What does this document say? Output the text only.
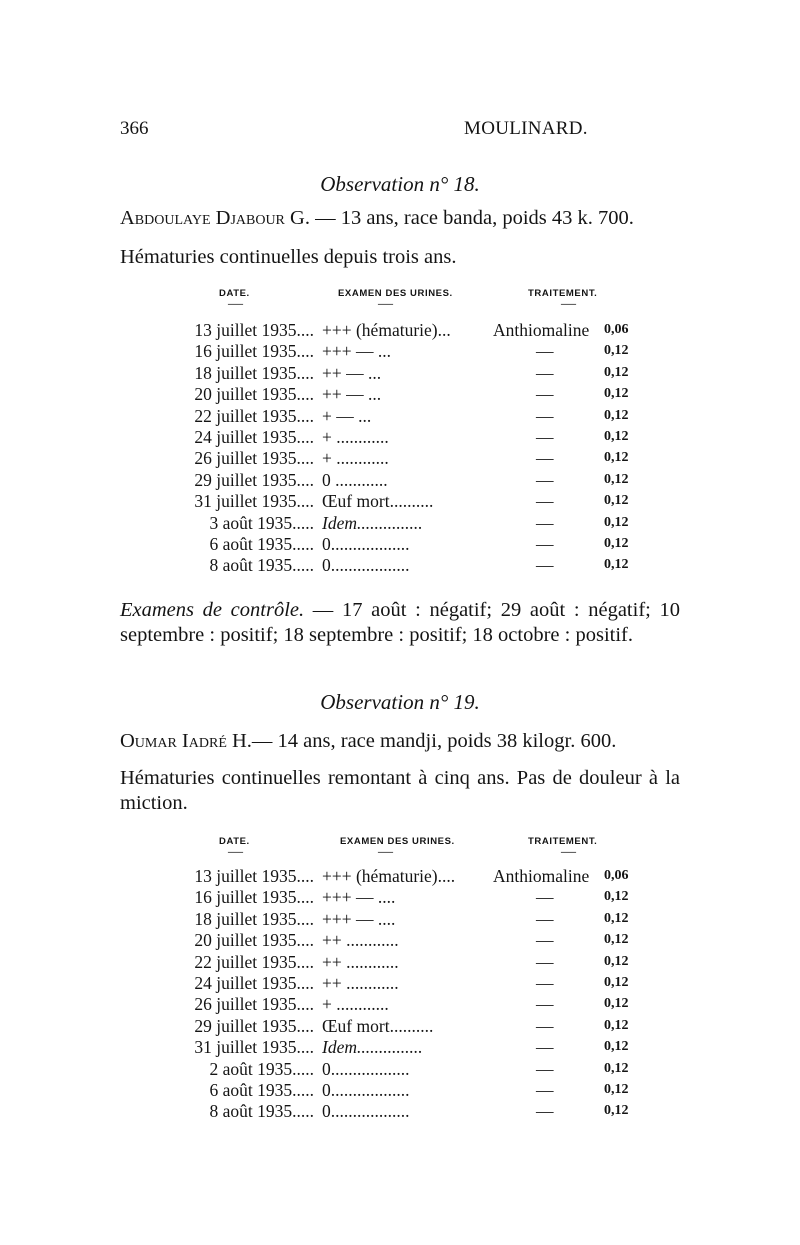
366	MOULINARD.
Observation n° 18.
Abdoulaye Djabour G. — 13 ans, race banda, poids 43 k. 700.
Hématuries continuelles depuis trois ans.
DATE.	EXAMEN DES URINES.	TRAITEMENT.
—	—	—
13 juillet 1935.... +++ (hématurie)... Anthiomaline 0,06
16 juillet 1935.... +++ — ...	—	0,12
18 juillet 1935.... ++ — ...	—	0,12
20 juillet 1935.... ++ — ...	—	0,12
22 juillet 1935.... + — ...	—	0,12
24 juillet 1935.... + ............	—	0,12
26 juillet 1935.... + ............	—	0,12
29 juillet 1935.... 0 ............	—	0,12
31 juillet 1935.... Œuf mort..........	—	0,12
3 août 1935..... Idem...............	—	0,12
6 août 1935..... 0..................	—	0,12
8 août 1935..... 0..................	—	0,12
Examens de contrôle. — 17 août : négatif; 29 août : négatif; 10 septembre : positif; 18 septembre : positif; 18 octobre : positif.
Observation n° 19.
Oumar Iadré H.— 14 ans, race mandji, poids 38 kilogr. 600.
Hématuries continuelles remontant à cinq ans. Pas de douleur à la miction.
DATE.	EXAMEN DES URINES.	TRAITEMENT.
—	—	—
13 juillet 1935.... +++ (hématurie).... Anthiomaline 0,06
16 juillet 1935.... +++ — ....	—	0,12
18 juillet 1935.... +++ — ....	—	0,12
20 juillet 1935.... ++ ............	—	0,12
22 juillet 1935.... ++ ............	—	0,12
24 juillet 1935.... ++ ............	—	0,12
26 juillet 1935.... + ............	—	0,12
29 juillet 1935.... Œuf mort..........	—	0,12
31 juillet 1935.... Idem...............	—	0,12
2 août 1935..... 0..................	—	0,12
6 août 1935..... 0..................	—	0,12
8 août 1935..... 0..................	—	0,12
